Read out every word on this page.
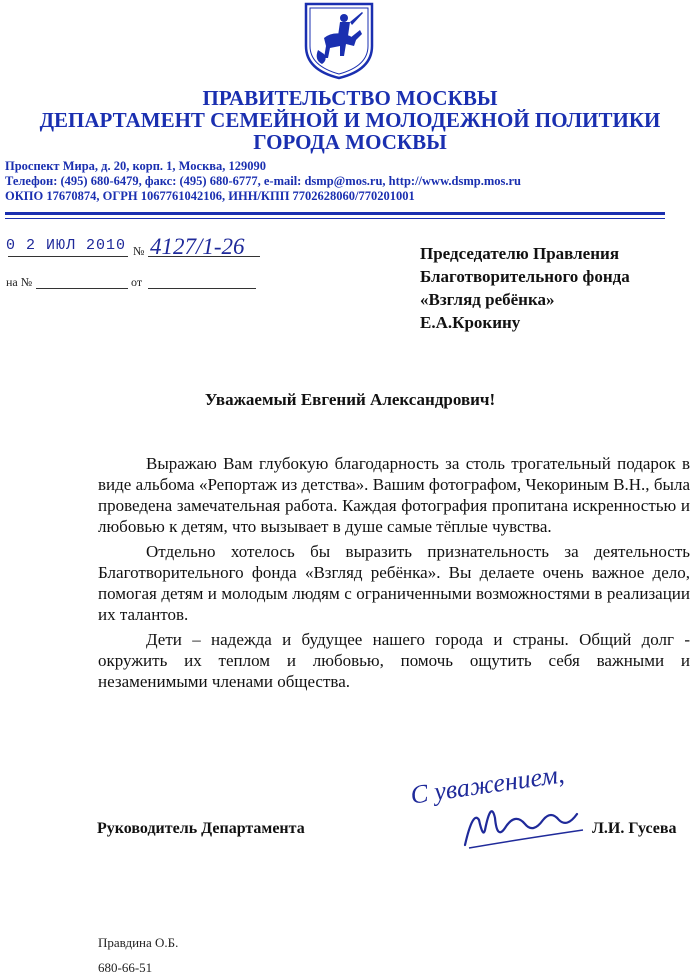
ПРАВИТЕЛЬСТВО МОСКВЫ
ДЕПАРТАМЕНТ СЕМЕЙНОЙ И МОЛОДЕЖНОЙ ПОЛИТИКИ
ГОРОДА МОСКВЫ
Проспект Мира, д. 20, корп. 1, Москва, 129090
Телефон: (495) 680-6479, факс: (495) 680-6777, e-mail: dsmp@mos.ru, http://www.dsmp.mos.ru
ОКПО 17670874, ОГРН 1067761042106, ИНН/КПП 7702628060/770201001
0 2 ИЮЛ 2010 № 4127/1-26
на №	от
Председателю Правления
Благотворительного фонда
«Взгляд ребёнка»
Е.А.Крокину
Уважаемый Евгений Александрович!

Выражаю Вам глубокую благодарность за столь трогательный подарок в виде альбома «Репортаж из детства». Вашим фотографом, Чекориным В.Н., была проведена замечательная работа. Каждая фотография пропитана искренностью и любовью к детям, что вызывает в душе самые тёплые чувства.

Отдельно хотелось бы выразить признательность за деятельность Благотворительного фонда «Взгляд ребёнка». Вы делаете очень важное дело, помогая детям и молодым людям с ограниченными возможностями в реализации их талантов.

Дети – надежда и будущее нашего города и страны. Общий долг - окружить их теплом и любовью, помочь ощутить себя важными и незаменимыми членами общества.

Руководитель Департамента
С уважением,
Л.И. Гусева
Правдина О.Б.
680-66-51
